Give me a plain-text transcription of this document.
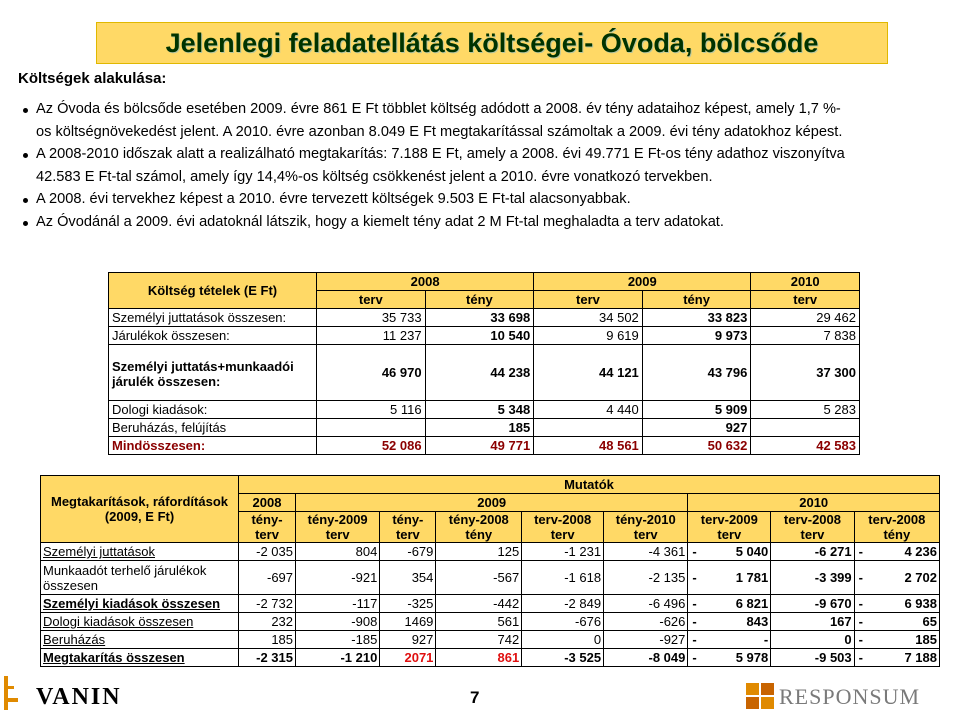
Jelenlegi feladatellátás költségei- Óvoda, bölcsőde
Költségek alakulása:
Az Óvoda és bölcsőde esetében 2009. évre 861 E Ft többlet költség adódott a 2008. év tény adataihoz képest, amely 1,7 %-
os költségnövekedést jelent. A 2010. évre azonban 8.049 E Ft megtakarítással számoltak a 2009. évi tény adatokhoz képest.
A 2008-2010 időszak alatt a realizálható megtakarítás: 7.188 E Ft, amely a 2008. évi 49.771 E Ft-os tény adathoz viszonyítva
42.583 E Ft-tal számol, amely így 14,4%-os költség csökkenést jelent a 2010. évre vonatkozó tervekben.
A 2008. évi tervekhez képest a 2010. évre tervezett költségek 9.503 E Ft-tal alacsonyabbak.
Az Óvodánál a 2009. évi adatoknál látszik, hogy a kiemelt tény adat 2 M Ft-tal meghaladta a terv adatokat.
Költség tételek (E Ft)	2008		2009		2010
	terv	tény	terv	tény	terv
Személyi juttatások összesen:	35 733	33 698	34 502	33 823	29 462
Járulékok összesen:	11 237	10 540	9 619	9 973	7 838
Személyi juttatás+munkaadói járulék összesen:	46 970	44 238	44 121	43 796	37 300
Dologi kiadások:	5 116	5 348	4 440	5 909	5 283
Beruházás, felújítás		185		927	
Mindösszesen:	52 086	49 771	48 561	50 632	42 583
Megtakarítások, ráfordítások (2009, E Ft)	Mutatók											
	2008	2009					2010					
	tény-terv	tény-2009 terv	tény-terv	tény-2008 tény	terv-2008 terv	tény-2010 terv	terv-2009 terv		terv-2008 terv		terv-2008 tény	
Személyi juttatások	-2 035	804	-679	125	-1 231	-4 361	-	5 040		-6 271	-	4 236
Munkaadót terhelő járulékok összesen	-697	-921	354	-567	-1 618	-2 135	-	1 781		-3 399	-	2 702
Személyi kiadások összesen	-2 732	-117	-325	-442	-2 849	-6 496	-	6 821		-9 670	-	6 938
Dologi kiadások összesen	232	-908	1469	561	-676	-626	-	843		167	-	65
Beruházás	185	-185	927	742	0	-927	-	-		0	-	185
Megtakarítás összesen	-2 315	-1 210	2071	861	-3 525	-8 049	-	5 978		-9 503	-	7 188
VANIN	7	RESPONSUM
